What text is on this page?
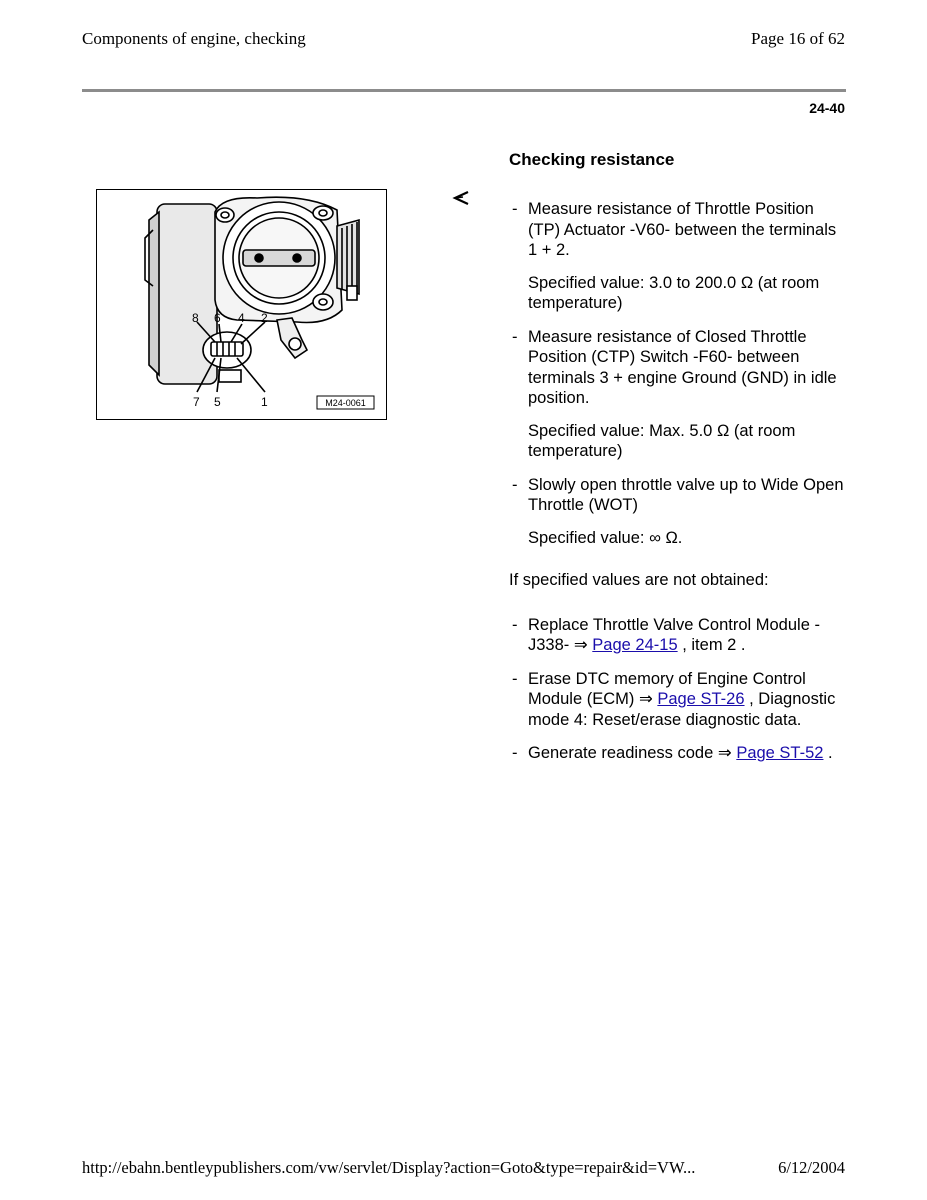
Components of engine, checking	Page 16 of 62
24-40
Checking resistance
8 6 4 2
7 5	1	M24-0061
- Measure resistance of Throttle Position (TP) Actuator -V60- between the terminals 1 + 2.
Specified value: 3.0 to 200.0 Ω (at room temperature)
- Measure resistance of Closed Throttle Position (CTP) Switch -F60- between terminals 3 + engine Ground (GND) in idle position.
Specified value: Max. 5.0 Ω (at room temperature)
- Slowly open throttle valve up to Wide Open Throttle (WOT)
Specified value: ∞ Ω.
If specified values are not obtained:
- Replace Throttle Valve Control Module -J338- ⇒ Page 24-15 , item 2 .
- Erase DTC memory of Engine Control Module (ECM) ⇒ Page ST-26 , Diagnostic mode 4: Reset/erase diagnostic data.
- Generate readiness code ⇒ Page ST-52 .
http://ebahn.bentleypublishers.com/vw/servlet/Display?action=Goto&type=repair&id=VW...	6/12/2004
